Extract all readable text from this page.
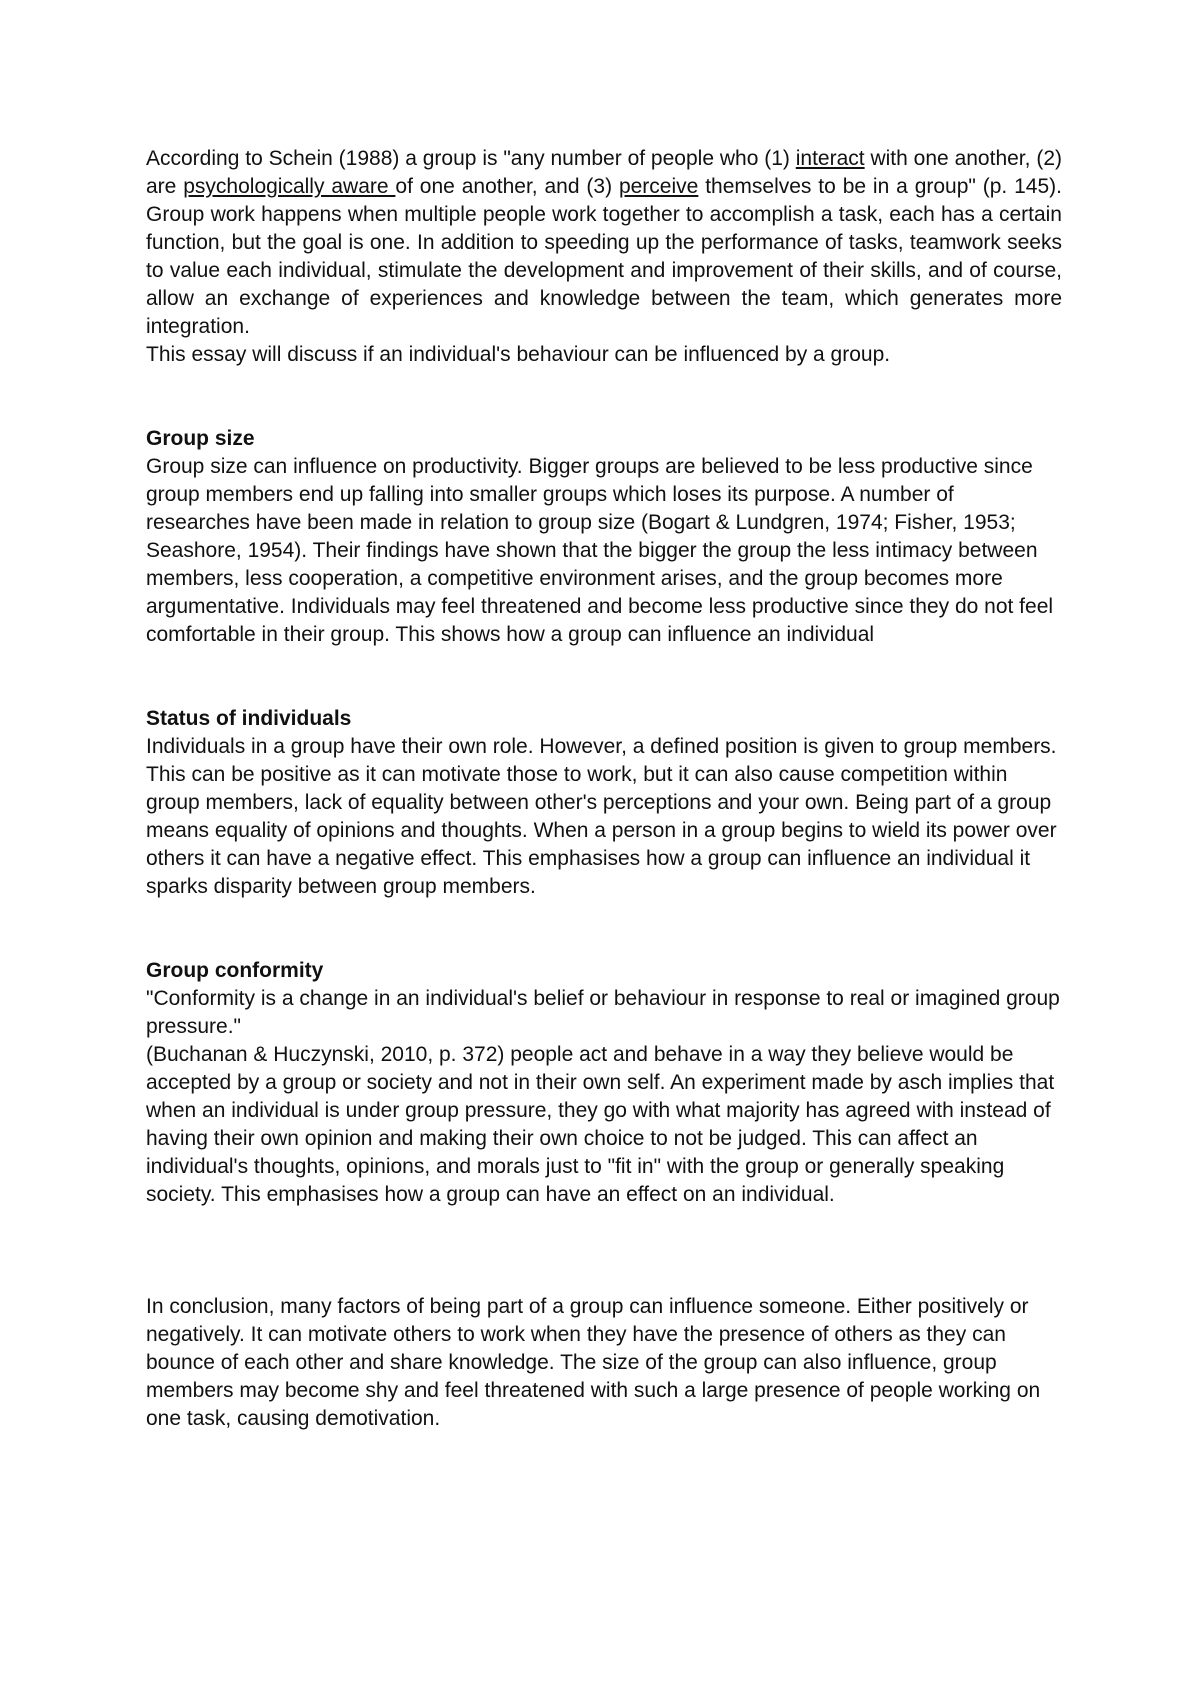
According to Schein (1988) a group is "any number of people who (1) interact with one another, (2) are psychologically aware of one another, and (3) perceive themselves to be in a group" (p. 145). Group work happens when multiple people work together to accomplish a task, each has a certain function, but the goal is one. In addition to speeding up the performance of tasks, teamwork seeks to value each individual, stimulate the development and improvement of their skills, and of course, allow an exchange of experiences and knowledge between the team, which generates more integration.

This essay will discuss if an individual's behaviour can be influenced by a group.

Group size

Group size can influence on productivity. Bigger groups are believed to be less productive since group members end up falling into smaller groups which loses its purpose. A number of researches have been made in relation to group size (Bogart & Lundgren, 1974; Fisher, 1953; Seashore, 1954). Their findings have shown that the bigger the group the less intimacy between members, less cooperation, a competitive environment arises, and the group becomes more argumentative. Individuals may feel threatened and become less productive since they do not feel comfortable in their group. This shows how a group can influence an individual

Status of individuals

Individuals in a group have their own role. However, a defined position is given to group members. This can be positive as it can motivate those to work, but it can also cause competition within group members, lack of equality between other's perceptions and your own. Being part of a group means equality of opinions and thoughts. When a person in a group begins to wield its power over others it can have a negative effect. This emphasises how a group can influence an individual it sparks disparity between group members.

Group conformity

"Conformity is a change in an individual's belief or behaviour in response to real or imagined group pressure."

(Buchanan & Huczynski, 2010, p. 372) people act and behave in a way they believe would be accepted by a group or society and not in their own self. An experiment made by asch implies that when an individual is under group pressure, they go with what majority has agreed with instead of having their own opinion and making their own choice to not be judged. This can affect an individual's thoughts, opinions, and morals just to "fit in" with the group or generally speaking society. This emphasises how a group can have an effect on an individual.

In conclusion, many factors of being part of a group can influence someone. Either positively or negatively. It can motivate others to work when they have the presence of others as they can bounce of each other and share knowledge. The size of the group can also influence, group members may become shy and feel threatened with such a large presence of people working on one task, causing demotivation.
